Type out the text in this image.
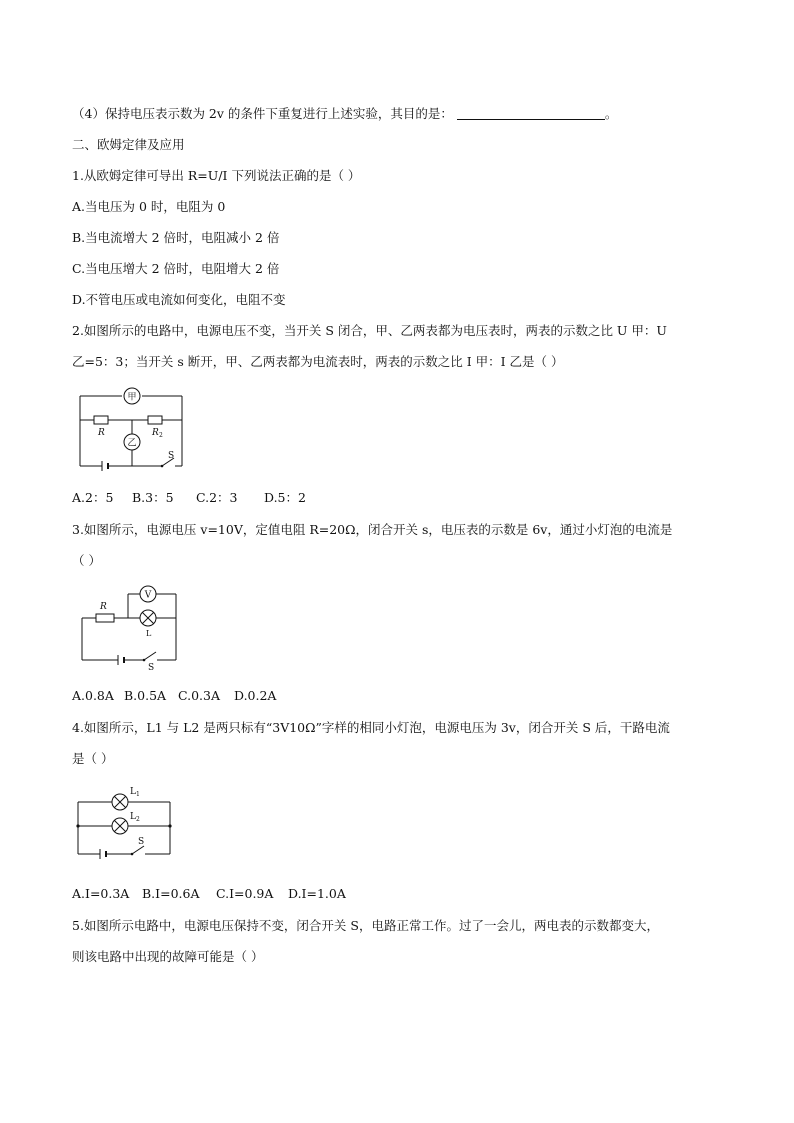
（4）保持电压表示数为 2v 的条件下重复进行上述实验，其目的是：	。
二、欧姆定律及应用
1.从欧姆定律可导出 R=U/I 下列说法正确的是（ ）
A.当电压为 0 时，电阻为 0
B.当电流增大 2 倍时，电阻减小 2 倍
C.当电压增大 2 倍时，电阻增大 2 倍
D.不管电压或电流如何变化，电阻不变
2.如图所示的电路中，电源电压不变，当开关 S 闭合，甲、乙两表都为电压表时，两表的示数之比 U 甲：U
乙=5：3；当开关 s 断开，甲、乙两表都为电流表时，两表的示数之比 I 甲：I 乙是（ ）
甲
乙
R	R 2
S
A.2：5 B.3：5 C.2：3 D.5：2
3.如图所示，电源电压 v=10V，定值电阻 R=20Ω，闭合开关 s，电压表的示数是 6v，通过小灯泡的电流是
（ ）
R
V
L
S
A.0.8A B.0.5A C.0.3A D.0.2A
4.如图所示，L1 与 L2 是两只标有“3V10Ω”字样的相同小灯泡，电源电压为 3v，闭合开关 S 后，干路电流
是（ ）
L 1
L 2
S
A.I=0.3A B.I=0.6A C.I=0.9A D.I=1.0A
5.如图所示电路中，电源电压保持不变，闭合开关 S，电路正常工作。过了一会儿，两电表的示数都变大，
则该电路中出现的故障可能是（ ）
